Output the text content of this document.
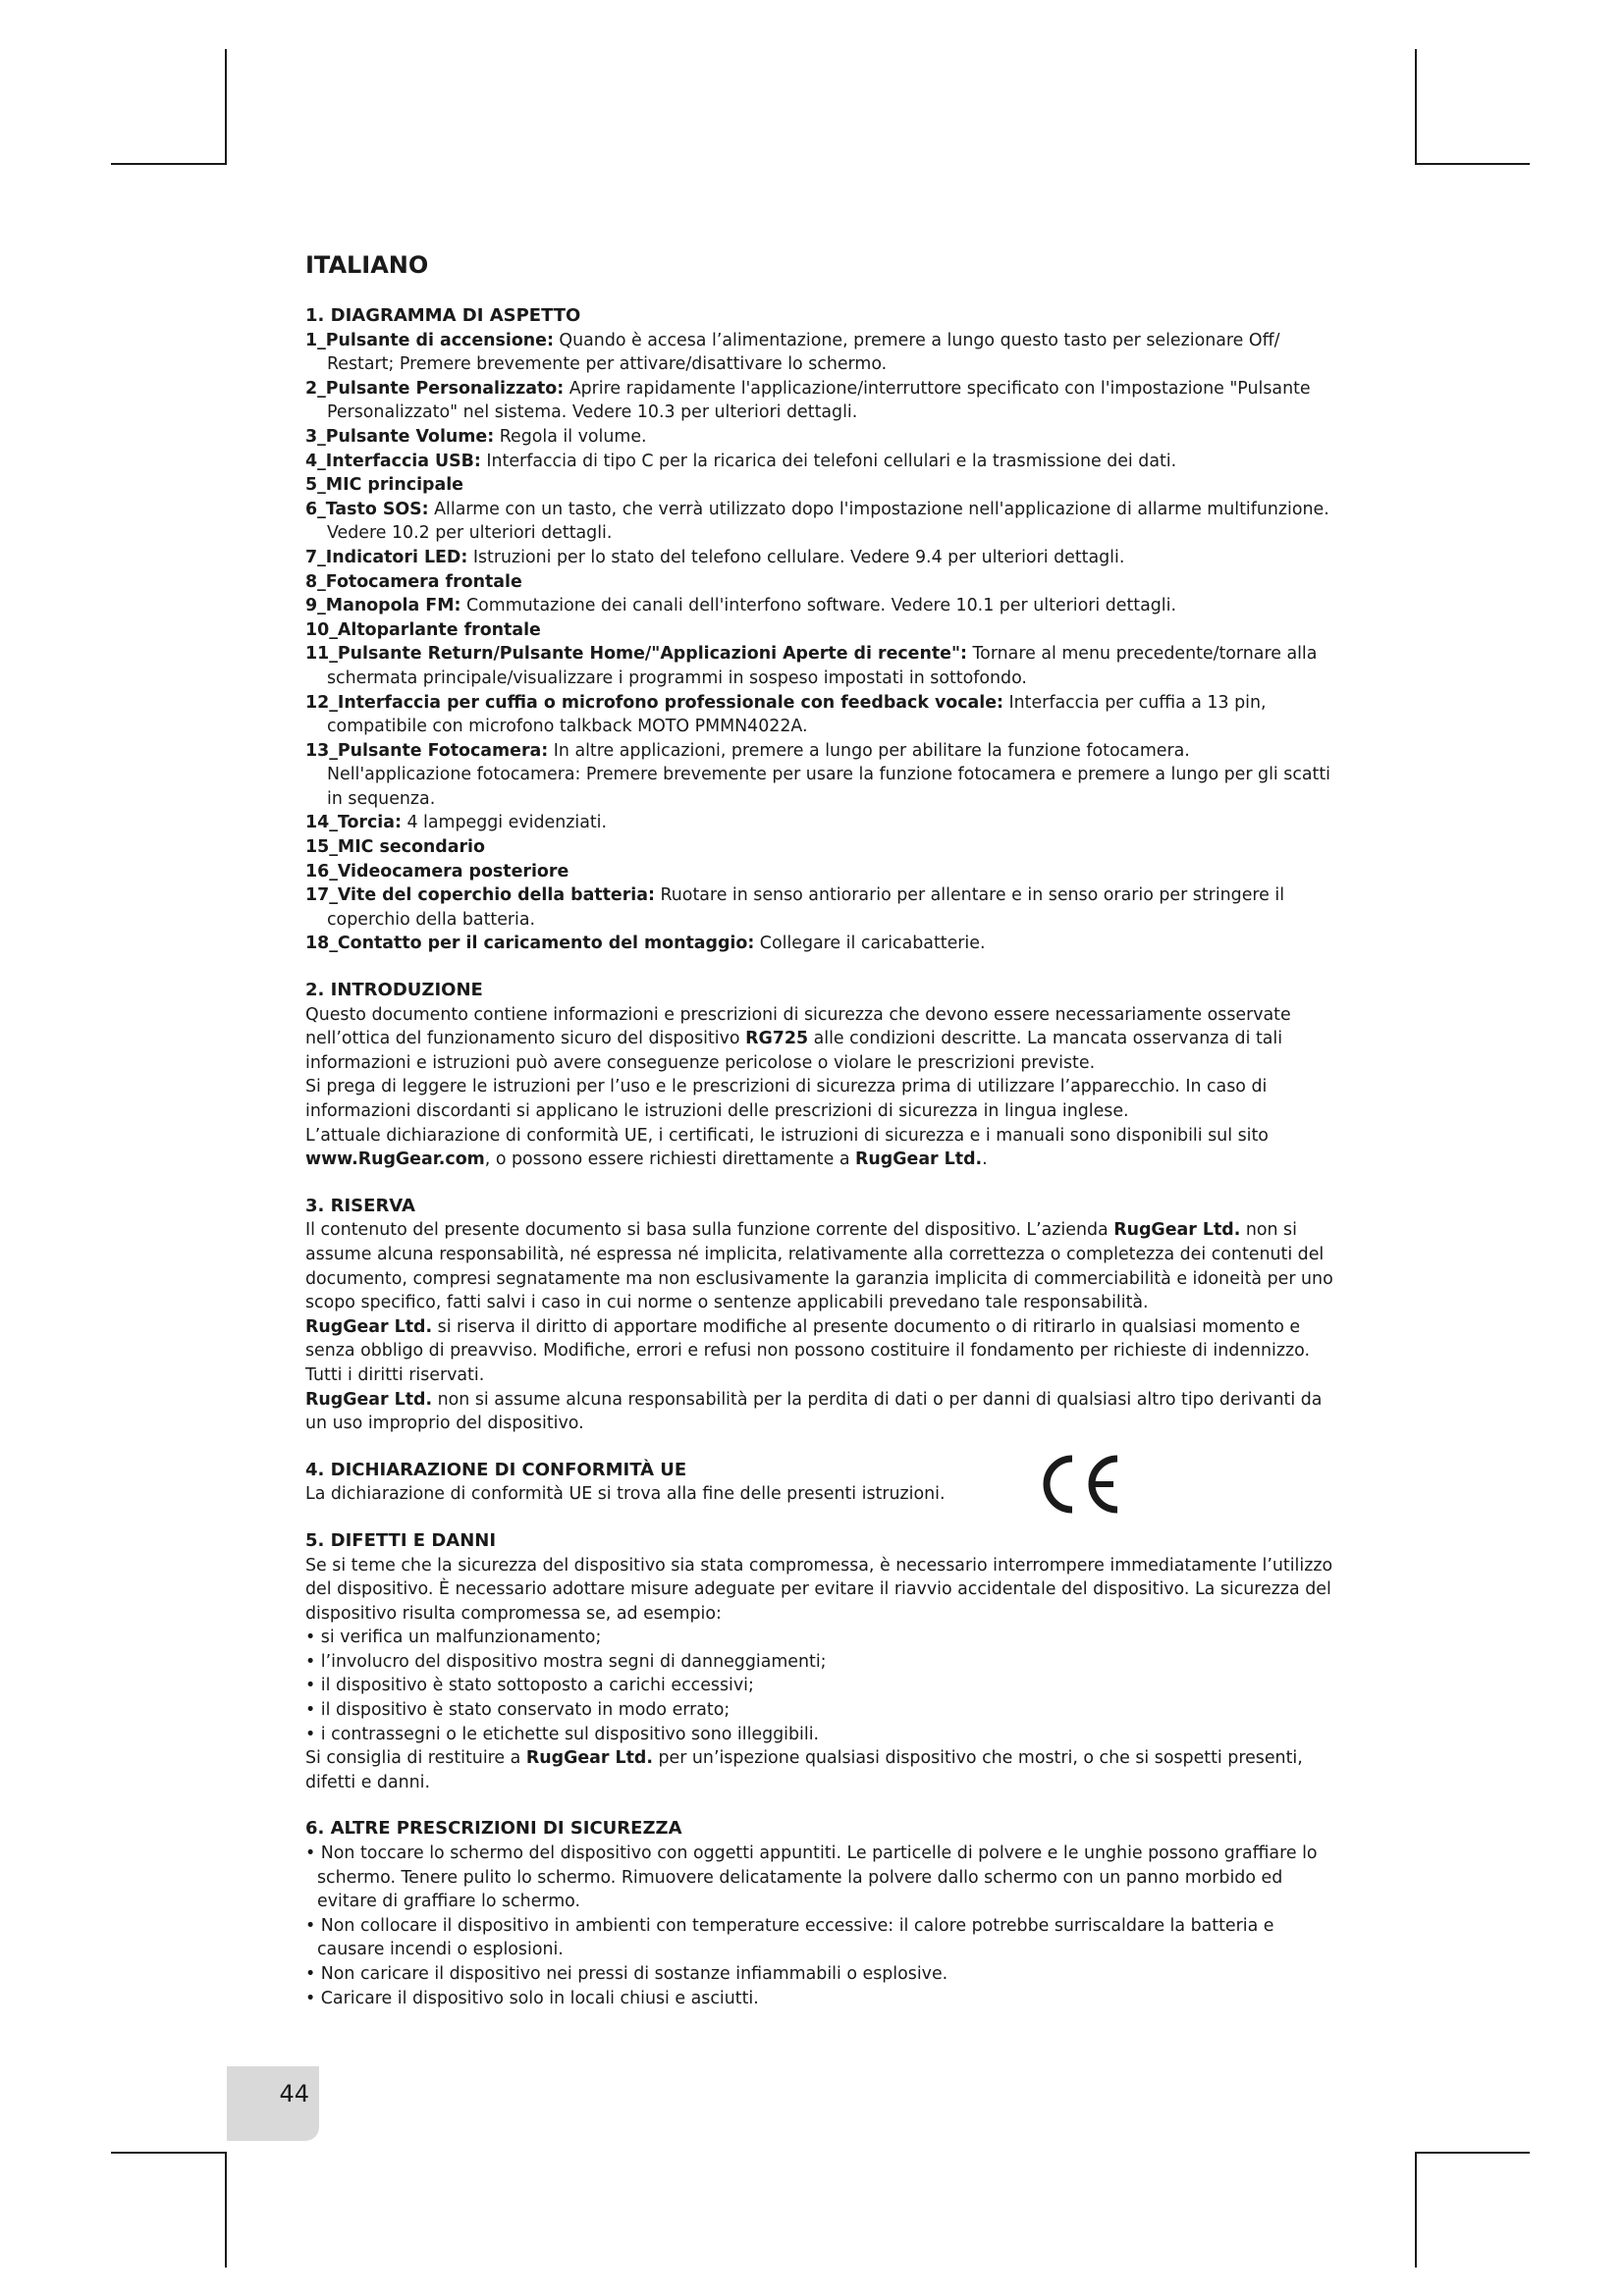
ITALIANO
1. DIAGRAMMA DI ASPETTO
1_Pulsante di accensione: Quando è accesa l’alimentazione, premere a lungo questo tasto per selezionare Off/ Restart; Premere brevemente per attivare/disattivare lo schermo.
2_Pulsante Personalizzato: Aprire rapidamente l'applicazione/interruttore specificato con l'impostazione "Pulsante Personalizzato" nel sistema. Vedere 10.3 per ulteriori dettagli.
3_Pulsante Volume: Regola il volume.
4_Interfaccia USB: Interfaccia di tipo C per la ricarica dei telefoni cellulari e la trasmissione dei dati.
5_MIC principale
6_Tasto SOS: Allarme con un tasto, che verrà utilizzato dopo l'impostazione nell'applicazione di allarme multifunzione. Vedere 10.2 per ulteriori dettagli.
7_Indicatori LED: Istruzioni per lo stato del telefono cellulare. Vedere 9.4 per ulteriori dettagli.
8_Fotocamera frontale
9_Manopola FM: Commutazione dei canali dell'interfono software. Vedere 10.1 per ulteriori dettagli.
10_Altoparlante frontale
11_Pulsante Return/Pulsante Home/"Applicazioni Aperte di recente": Tornare al menu precedente/tornare alla schermata principale/visualizzare i programmi in sospeso impostati in sottofondo.
12_Interfaccia per cuffia o microfono professionale con feedback vocale: Interfaccia per cuffia a 13 pin, compatibile con microfono talkback MOTO PMMN4022A.
13_Pulsante Fotocamera: In altre applicazioni, premere a lungo per abilitare la funzione fotocamera.
Nell'applicazione fotocamera: Premere brevemente per usare la funzione fotocamera e premere a lungo per gli scatti in sequenza.
14_Torcia: 4 lampeggi evidenziati.
15_MIC secondario
16_Videocamera posteriore
17_Vite del coperchio della batteria: Ruotare in senso antiorario per allentare e in senso orario per stringere il coperchio della batteria.
18_Contatto per il caricamento del montaggio: Collegare il caricabatterie.
2. INTRODUZIONE
Questo documento contiene informazioni e prescrizioni di sicurezza che devono essere necessariamente osservate nell’ottica del funzionamento sicuro del dispositivo RG725 alle condizioni descritte. La mancata osservanza di tali informazioni e istruzioni può avere conseguenze pericolose o violare le prescrizioni previste.
Si prega di leggere le istruzioni per l’uso e le prescrizioni di sicurezza prima di utilizzare l’apparecchio. In caso di informazioni discordanti si applicano le istruzioni delle prescrizioni di sicurezza in lingua inglese.
L’attuale dichiarazione di conformità UE, i certificati, le istruzioni di sicurezza e i manuali sono disponibili sul sito www.RugGear.com, o possono essere richiesti direttamente a RugGear Ltd..
3. RISERVA
Il contenuto del presente documento si basa sulla funzione corrente del dispositivo. L’azienda RugGear Ltd. non si assume alcuna responsabilità, né espressa né implicita, relativamente alla correttezza o completezza dei contenuti del documento, compresi segnatamente ma non esclusivamente la garanzia implicita di commerciabilità e idoneità per uno scopo specifico, fatti salvi i caso in cui norme o sentenze applicabili prevedano tale responsabilità.
RugGear Ltd. si riserva il diritto di apportare modifiche al presente documento o di ritirarlo in qualsiasi momento e senza obbligo di preavviso. Modifiche, errori e refusi non possono costituire il fondamento per richieste di indennizzo. Tutti i diritti riservati.
RugGear Ltd. non si assume alcuna responsabilità per la perdita di dati o per danni di qualsiasi altro tipo derivanti da un uso improprio del dispositivo.
4. DICHIARAZIONE DI CONFORMITÀ UE
La dichiarazione di conformità UE si trova alla fine delle presenti istruzioni.
5. DIFETTI E DANNI
Se si teme che la sicurezza del dispositivo sia stata compromessa, è necessario interrompere immediatamente l’utilizzo del dispositivo. È necessario adottare misure adeguate per evitare il riavvio accidentale del dispositivo. La sicurezza del dispositivo risulta compromessa se, ad esempio:
• si verifica un malfunzionamento;
• l’involucro del dispositivo mostra segni di danneggiamenti;
• il dispositivo è stato sottoposto a carichi eccessivi;
• il dispositivo è stato conservato in modo errato;
• i contrassegni o le etichette sul dispositivo sono illeggibili.
Si consiglia di restituire a RugGear Ltd. per un’ispezione qualsiasi dispositivo che mostri, o che si sospetti presenti, difetti e danni.
6. ALTRE PRESCRIZIONI DI SICUREZZA
• Non toccare lo schermo del dispositivo con oggetti appuntiti. Le particelle di polvere e le unghie possono graffiare lo schermo. Tenere pulito lo schermo. Rimuovere delicatamente la polvere dallo schermo con un panno morbido ed evitare di graffiare lo schermo.
• Non collocare il dispositivo in ambienti con temperature eccessive: il calore potrebbe surriscaldare la batteria e causare incendi o esplosioni.
• Non caricare il dispositivo nei pressi di sostanze infiammabili o esplosive.
• Caricare il dispositivo solo in locali chiusi e asciutti.
44
